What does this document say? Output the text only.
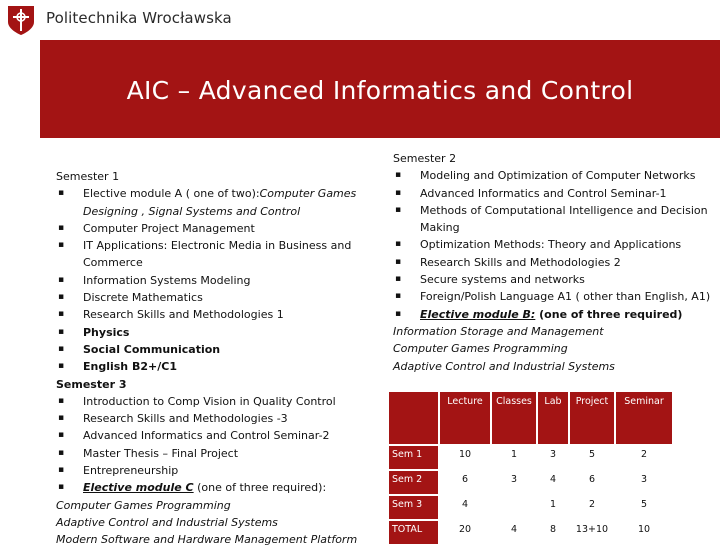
Politechnika Wrocławska
AIC – Advanced Informatics and Control
Semester 1
▪ Elective module A ( one of two):Computer Games Designing , Signal Systems and Control
▪ Computer Project Management
▪ IT Applications: Electronic Media in Business and Commerce
▪ Information Systems Modeling
▪ Discrete Mathematics
▪ Research Skills and Methodologies 1
▪ Physics
▪ Social Communication
▪ English B2+/C1
Semester 3
▪ Introduction to Comp Vision in Quality Control
▪ Research Skills and Methodologies -3
▪ Advanced Informatics and Control Seminar-2
▪ Master Thesis – Final Project
▪ Entrepreneurship
▪ Elective module C (one of three required):
Computer Games Programming
Adaptive Control and Industrial Systems
Modern Software and Hardware Management Platform
Semester 2
▪ Modeling and Optimization of Computer Networks
▪ Advanced Informatics and Control Seminar-1
▪ Methods of Computational Intelligence and Decision Making
▪ Optimization Methods: Theory and Applications
▪ Research Skills and Methodologies 2
▪ Secure systems and networks
▪ Foreign/Polish Language A1 ( other than English, A1)
▪ Elective module B: (one of three required)
Information Storage and Management
Computer Games Programming
Adaptive Control and Industrial Systems
	Lecture	Classes	Lab	Project	Seminar
Sem 1	10	1	3	5	2
Sem 2	6	3	4	6	3
Sem 3	4		1	2	5
TOTAL	20	4	8	13+10	10
